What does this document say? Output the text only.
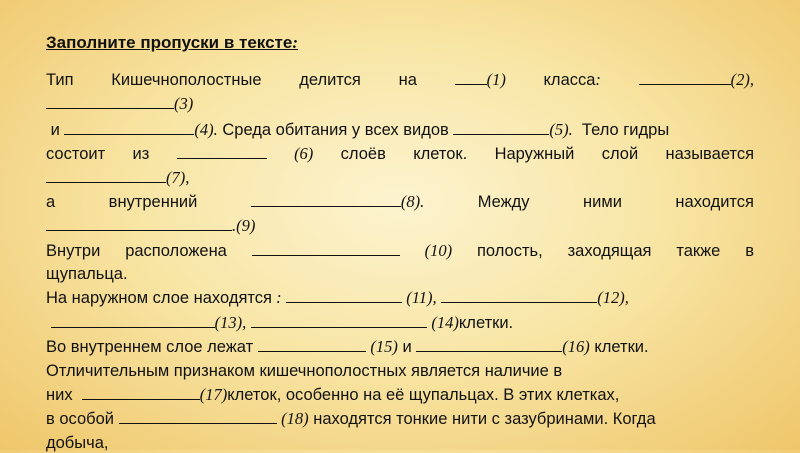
Заполните пропуски в тексте:
Тип Кишечнополостные делится на	(1) класса:	(2),
(3)
и	(4). Среда обитания у всех видов	(5). Тело гидры
состоит из	(6) слоёв клеток. Наружный слой называется
(7),
а	внутренний	(8).	Между	ними	находится
.(9)
Внутри расположена	(10) полость, заходящая также в
щупальца.
На наружном слое находятся :	(11),	(12),
(13),	(14)клетки.
Во внутреннем слое лежат	(15) и	(16) клетки.
Отличительным признаком кишечнополостных является наличие в
них	(17)клеток, особенно на её щупальцах. В этих клетках,
в особой	(18) находятся тонкие нити с зазубринами. Когда
добыча,
